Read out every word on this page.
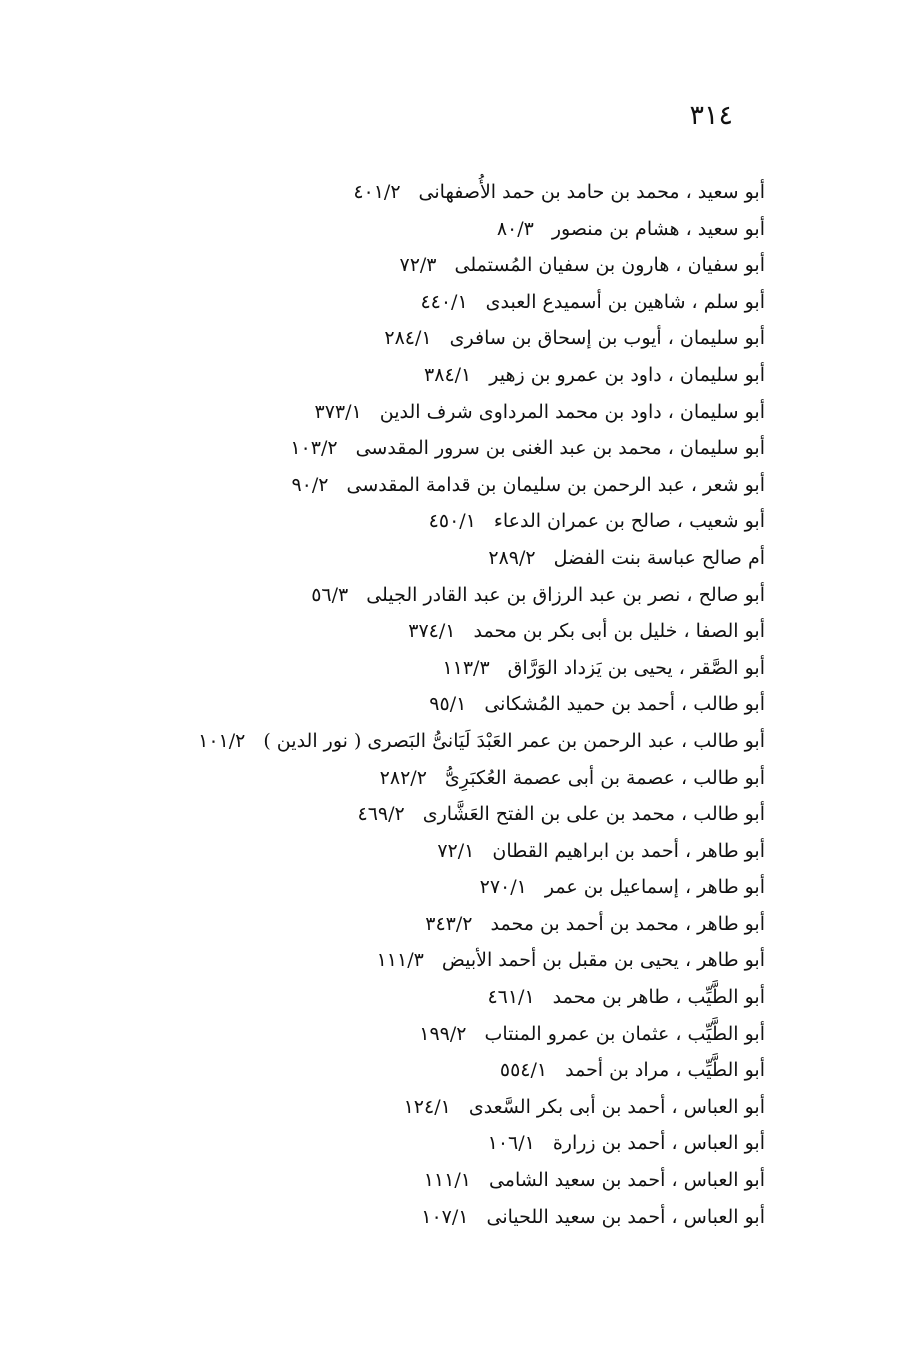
٣١٤
أبو سعيد ، محمد بن حامد بن حمد الأُصفهانى٤٠١/٢
أبو سعيد ، هشام بن منصور٨٠/٣
أبو سفيان ، هارون بن سفيان المُستملى٧٢/٣
أبو سلم ، شاهين بن أسميدع العبدى٤٤٠/١
أبو سليمان ، أيوب بن إسحاق بن سافرى٢٨٤/١
أبو سليمان ، داود بن عمرو بن زهير٣٨٤/١
أبو سليمان ، داود بن محمد المرداوى شرف الدين٣٧٣/١
أبو سليمان ، محمد بن عبد الغنى بن سرور المقدسى١٠٣/٢
أبو شعر ، عبد الرحمن بن سليمان بن قدامة المقدسى٩٠/٢
أبو شعيب ، صالح بن عمران الدعاء٤٥٠/١
أم صالح عباسة بنت الفضل٢٨٩/٢
أبو صالح ، نصر بن عبد الرزاق بن عبد القادر الجيلى٥٦/٣
أبو الصفا ، خليل بن أبى بكر بن محمد٣٧٤/١
أبو الصَّقر ، يحيى بن يَزداد الوَرَّاق١١٣/٣
أبو طالب ، أحمد بن حميد المُشكانى٩٥/١
أبو طالب ، عبد الرحمن بن عمر العَبْدَ لَيَانىُّ البَصرى ( نور الدين )١٠١/٢
أبو طالب ، عصمة بن أبى عصمة العُكبَرِىُّ٢٨٢/٢
أبو طالب ، محمد بن على بن الفتح العَشَّارى٤٦٩/٢
أبو طاهر ، أحمد بن ابراهيم القطان٧٢/١
أبو طاهر ، إسماعيل بن عمر٢٧٠/١
أبو طاهر ، محمد بن أحمد بن محمد٣٤٣/٢
أبو طاهر ، يحيى بن مقبل بن أحمد الأبيض١١١/٣
أبو الطَّيِّب ، طاهر بن محمد٤٦١/١
أبو الطَّيِّب ، عثمان بن عمرو المنتاب١٩٩/٢
أبو الطَّيِّب ، مراد بن أحمد٥٥٤/١
أبو العباس ، أحمد بن أبى بكر السَّعدى١٢٤/١
أبو العباس ، أحمد بن زرارة١٠٦/١
أبو العباس ، أحمد بن سعيد الشامى١١١/١
أبو العباس ، أحمد بن سعيد اللحيانى١٠٧/١
